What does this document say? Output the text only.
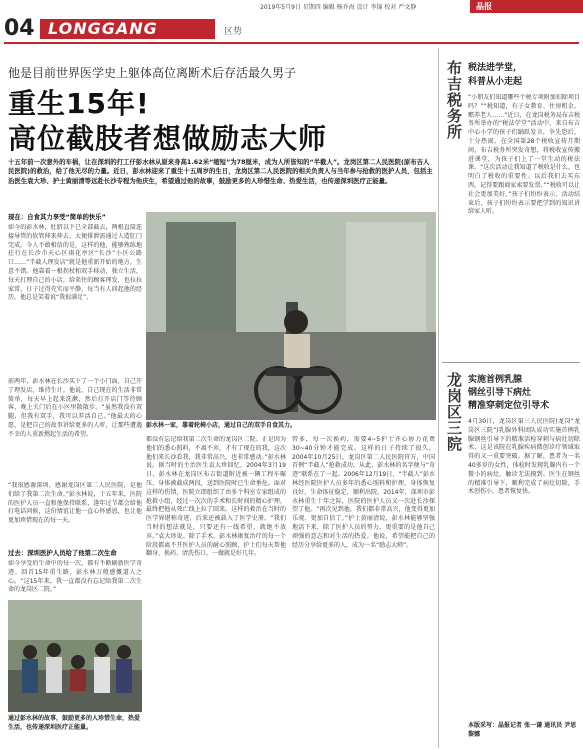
2019年5月9日 星期四 编辑 杨乔海 设计 李锦 校对 严文静	晶报
04 LONGGANG	区势
他是目前世界医学史上躯体高位离断术后存活最久男子
重生15年!
高位截肢者想做励志大师
十五年前一次意外的车祸，让在深圳的打工仔彭水林从原来身高1.62米“缩短”为78厘米，成为人所皆知的“半截人”。龙岗区第二人民医院(原布吉人民医院)的救治，给了他无尽的力量。近日，彭水林迎来了重生十五周岁的生日，龙岗区第二人民医院的相关负责人与当年参与抢救的医护人员，包括主治医生袁大珍、护士黄丽清等远赴长沙专程为他庆生，希望通过他的故事，鼓励更多的人珍惜生命、热爱生活，也传递深圳医疗正能量。
现在：自食其力享受“简单的快乐”
如今的彭水林，肚脐以下已全部截去，两根直筒连接导管的软管伸来伸去，大便排泄需通过人造肛门完成。今人不敢相信的是，这样的他，能够熟练地拄行在长沙市天心区雨花亭区“长沙”小区公路口……“半截人理发店”就是他重新开始的地方，生意不错。他靠着一根拐杖和双手移动，独立生活，每天打理自己的小店，给来往的顾客理发，也拉拉家常，日子过得充实而平静。每当有人问起他的经历，他总是笑着说“我很满足”。
前两年，彭水林在长沙买下了一个小门面，自己开了理发店，维持生计。他说，自己现在的生活非常简单，每天早上起来洗漱，然后打开店门等待顾客，晚上关门后在小区里散散步。“虽然我没有双腿，但我有双手，我可以养活自己。”他最大的心愿，是把自己的故事讲给更多的人听，让那些遭遇不幸的人重新燃起生活的希望。
“我很感谢深圳，感谢龙岗区第二人民医院，是他们给了我第二次生命。”彭水林说，十五年来，医院的医护人员一直和他保持联系，逢年过节都会给他打电话问候，这份情谊让他一直心怀感恩，也让他更加珍惜现在的每一天。
过去：深圳医护人员给了他第二次生命
如今享受的生命中的每一次，都有不断刷新医学奇迹。回首15年重生路，彭水林万般感慨道人之心。“这15年来，我一直都没有忘记给我第二次生命的龙岗区二院。”
通过彭水林的故事，鼓励更多的人珍惜生命，热爱生活，也传递深圳医疗正能量。
彭水林一家，靠着轮椅小店，通过自己的双手自食其力。
都没有忘记给我第二次生命的龙岗区二院。正是因为他们的悉心照料，不离不弃，才有了现在的我，这次他们来长沙看我，我非常高兴，也非常感动。”彭水林说。据当时的主治医生袁大珍回忆，2004年3月19日，彭水林在龙岗区布吉街道附近被一辆工程车碾压，身体被截成两段，送到医院时已生命垂危。面对这样的伤情，医院立即组织了由多个科室专家组成的抢救小组，经过一次次的手术和长时间的精心护理，最终把他从死亡线上拉了回来。这样的救治在当时的医学界堪称奇迹，后来还被载入了医学史册。“我们当时的想法就是，只要还有一线希望，就绝不放弃。”袁大珍说。除了手术，彭水林康复治疗的每一个阶段都离不开医护人员的耐心照顾，护士们每天帮他翻身、换药、清洗伤口，一做就是好几年。
管多，每一次换药，需要4~5护士齐心协力花费30~40分钟才能完成。这样的日子持续了很久。2004年10月25日，龙岗区第二人民医院官方，中国首例“半截人”抢救成功。从此，彭水林的名字便与“奇迹”联系在了一起。2006年12月19日，“半截人”彭水林经医院医护人员多年的悉心照料和护理，身体恢复良好，生命体征稳定，顺利出院。2014年，深圳市彭水林重生十年之际，医院的医护人员又一次赴长沙探望了他。“再次见到他，我们都非常高兴，他变得更加乐观、更加自信了。”护士黄丽清说，彭水林能够坚强地活下来，除了医护人员的努力，更重要的是他自己顽强的意志和对生活的热爱。他说，希望能把自己的经历分享给更多的人，成为一名“励志大师”。
布吉税务所 税法进学堂，
科普从小走起
“小朋友们知道哪些个税专项附加扣除项目吗？”“税知道，有子女教育、住房租金，赡养老人……”近日，在龙岗税务局布吉税务所举办的“税法学堂”活动中，来自布吉中心小学的孩子们踊跃发言，争先恐后，十分热闹。在全国第28个税收宣传月期间，布吉税务所突发奇想，将税收宣传搬进课堂，为孩子们上了一堂生动的税法课。“这次活动让我知道了税收是什么，也明白了税收的重要性。以后我们去买东西，记得要跟商家索要发票。”“税收可以让社会更加美好。”孩子们纷纷表示。活动结束后，孩子们纷纷表示要把学到的知识讲给家人听。
龙岗区三院 实施首例乳腺
钢丝引导下病灶
精准穿刺定位引导术
4月30日，龙岗区第三人民医院(龙岗“龙岗区三院”)乳腺外科团队成功实施首例乳腺钢丝引导下的精准活检穿刺与病灶切除术，这是该院在乳腺疾病微创诊疗领域取得的又一重要突破。据了解，患者为一名40多岁的女性，体检时发现乳腺内有一个微小的病灶，触诊无法摸到。医生在钢丝的精准引导下，顺利完成了病灶切除，手术创伤小，患者恢复快。
本版采写：晶报记者 张一谦 通讯员 尹思 黎娜
